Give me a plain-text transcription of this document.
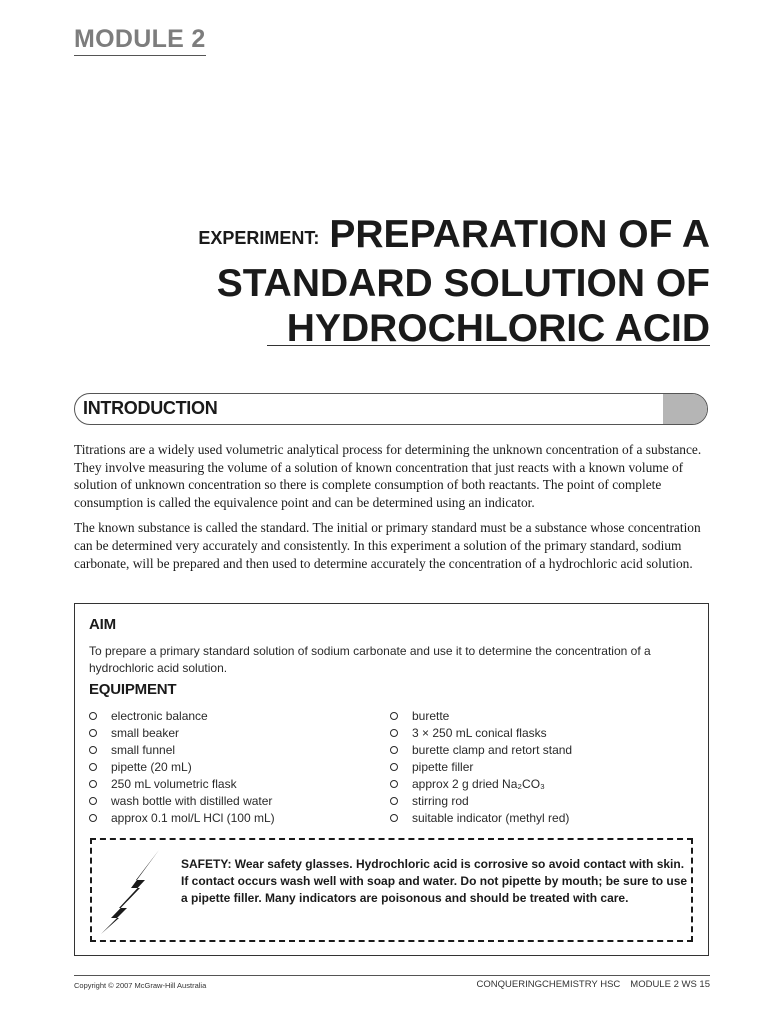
MODULE 2
EXPERIMENT: PREPARATION OF A
STANDARD SOLUTION OF
HYDROCHLORIC ACID
INTRODUCTION

Titrations are a widely used volumetric analytical process for determining the unknown concentration of a substance. They involve measuring the volume of a solution of known concentration that just reacts with a known volume of solution of unknown concentration so there is complete consumption of both reactants. The point of complete consumption is called the equivalence point and can be determined using an indicator.

The known substance is called the standard. The initial or primary standard must be a substance whose concentration can be determined very accurately and consistently. In this experiment a solution of the primary standard, sodium carbonate, will be prepared and then used to determine accurately the concentration of a hydrochloric acid solution.

AIM
To prepare a primary standard solution of sodium carbonate and use it to determine the concentration of a hydrochloric acid solution.
EQUIPMENT
electronic balance
small beaker
small funnel
pipette (20 mL)
250 mL volumetric flask
wash bottle with distilled water
approx 0.1 mol/L HCl (100 mL)
burette
3 × 250 mL conical flasks
burette clamp and retort stand
pipette filler
approx 2 g dried Na₂CO₃
stirring rod
suitable indicator (methyl red)
SAFETY: Wear safety glasses. Hydrochloric acid is corrosive so avoid contact with skin. If contact occurs wash well with soap and water. Do not pipette by mouth; be sure to use a pipette filler. Many indicators are poisonous and should be treated with care.
Copyright © 2007 McGraw-Hill Australia	CONQUERINGCHEMISTRY HSC MODULE 2 WS 15
